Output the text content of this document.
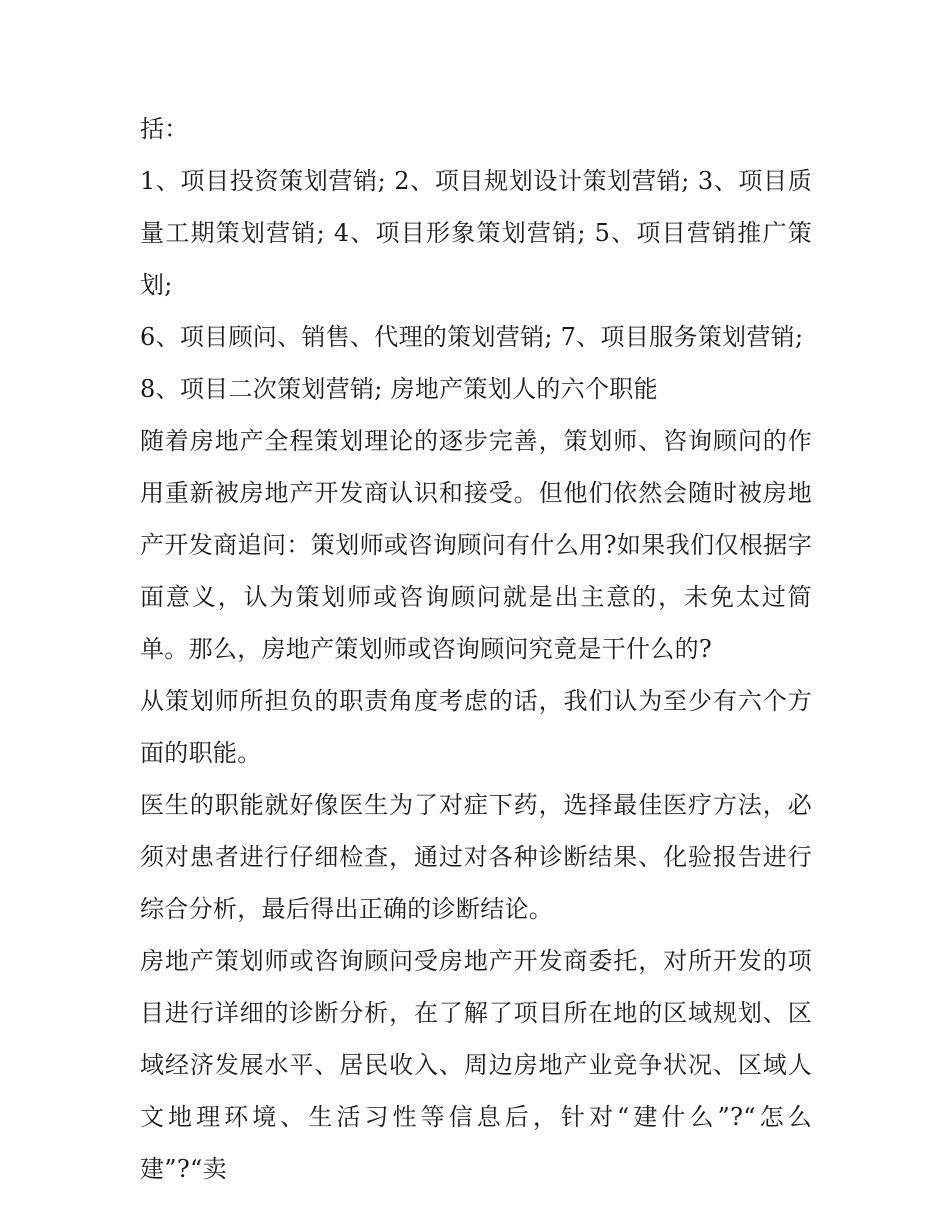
括：

1、项目投资策划营销; 2、项目规划设计策划营销; 3、项目质量工期策划营销; 4、项目形象策划营销; 5、项目营销推广策划;

6、项目顾问、销售、代理的策划营销; 7、项目服务策划营销;

8、项目二次策划营销; 房地产策划人的六个职能

随着房地产全程策划理论的逐步完善，策划师、咨询顾问的作用重新被房地产开发商认识和接受。但他们依然会随时被房地产开发商追问：策划师或咨询顾问有什么用?如果我们仅根据字面意义，认为策划师或咨询顾问就是出主意的，未免太过简单。那么，房地产策划师或咨询顾问究竟是干什么的?

从策划师所担负的职责角度考虑的话，我们认为至少有六个方面的职能。

医生的职能就好像医生为了对症下药，选择最佳医疗方法，必须对患者进行仔细检查，通过对各种诊断结果、化验报告进行综合分析，最后得出正确的诊断结论。

房地产策划师或咨询顾问受房地产开发商委托，对所开发的项目进行详细的诊断分析，在了解了项目所在地的区域规划、区域经济发展水平、居民收入、周边房地产业竞争状况、区域人文地理环境、生活习性等信息后，针对“建什么”?“怎么建”?“卖
